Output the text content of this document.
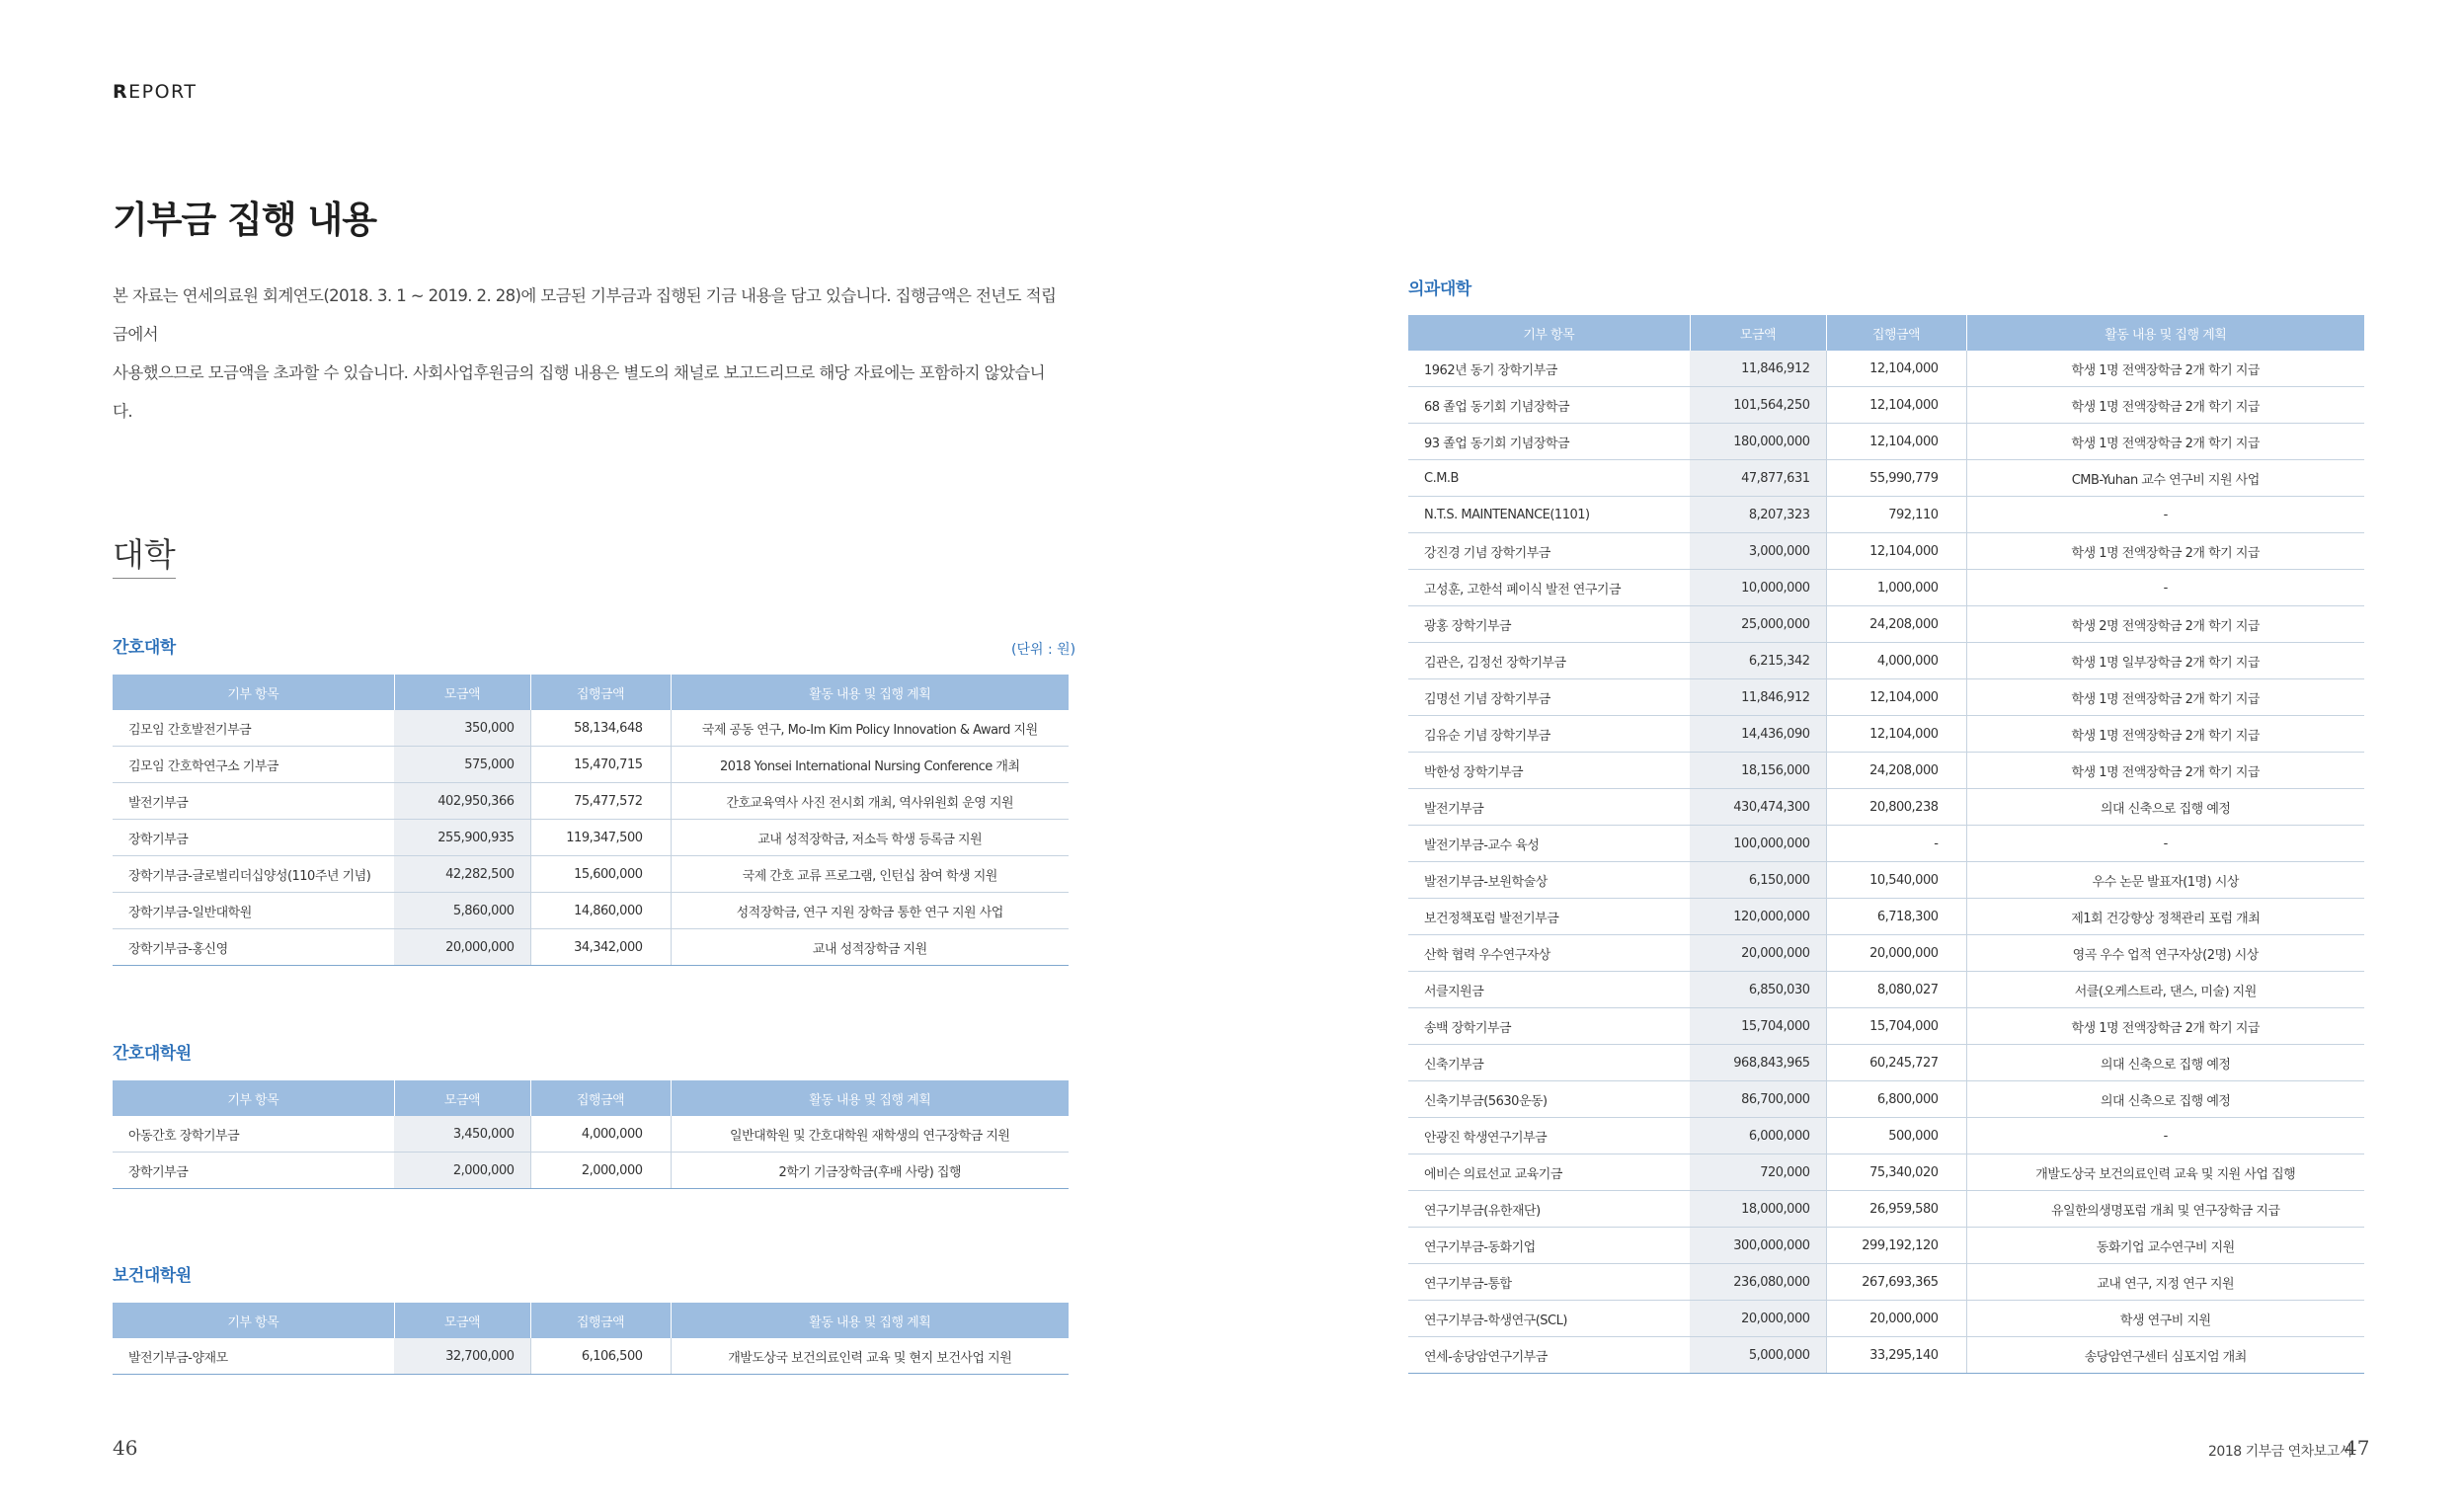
REPORT
기부금 집행 내용
본 자료는 연세의료원 회계연도(2018. 3. 1 ~ 2019. 2. 28)에 모금된 기부금과 집행된 기금 내용을 담고 있습니다. 집행금액은 전년도 적립금에서
사용했으므로 모금액을 초과할 수 있습니다. 사회사업후원금의 집행 내용은 별도의 채널로 보고드리므로 해당 자료에는 포함하지 않았습니다.
대학
간호대학	(단위 : 원)
기부 항목	모금액	집행금액	활동 내용 및 집행 계획
김모임 간호발전기부금	350,000	58,134,648	국제 공동 연구, Mo-Im Kim Policy Innovation & Award 지원
김모임 간호학연구소 기부금	575,000	15,470,715	2018 Yonsei International Nursing Conference 개최
발전기부금	402,950,366	75,477,572	간호교육역사 사진 전시회 개최, 역사위원회 운영 지원
장학기부금	255,900,935	119,347,500	교내 성적장학금, 저소득 학생 등록금 지원
장학기부금-글로벌리더십양성(110주년 기념)	42,282,500	15,600,000	국제 간호 교류 프로그램, 인턴십 참여 학생 지원
장학기부금-일반대학원	5,860,000	14,860,000	성적장학금, 연구 지원 장학금 통한 연구 지원 사업
장학기부금-홍신영	20,000,000	34,342,000	교내 성적장학금 지원
간호대학원
기부 항목	모금액	집행금액	활동 내용 및 집행 계획
아동간호 장학기부금	3,450,000	4,000,000	일반대학원 및 간호대학원 재학생의 연구장학금 지원
장학기부금	2,000,000	2,000,000	2학기 기금장학금(후배 사랑) 집행
보건대학원
기부 항목	모금액	집행금액	활동 내용 및 집행 계획
발전기부금-양재모	32,700,000	6,106,500	개발도상국 보건의료인력 교육 및 현지 보건사업 지원
의과대학
기부 항목	모금액	집행금액	활동 내용 및 집행 계획
1962년 동기 장학기부금	11,846,912	12,104,000	학생 1명 전액장학금 2개 학기 지급
68 졸업 동기회 기념장학금	101,564,250	12,104,000	학생 1명 전액장학금 2개 학기 지급
93 졸업 동기회 기념장학금	180,000,000	12,104,000	학생 1명 전액장학금 2개 학기 지급
C.M.B	47,877,631	55,990,779	CMB-Yuhan 교수 연구비 지원 사업
N.T.S. MAINTENANCE(1101)	8,207,323	792,110	-
강진경 기념 장학기부금	3,000,000	12,104,000	학생 1명 전액장학금 2개 학기 지급
고성훈, 고한석 폐이식 발전 연구기금	10,000,000	1,000,000	-
광홍 장학기부금	25,000,000	24,208,000	학생 2명 전액장학금 2개 학기 지급
김관은, 김정선 장학기부금	6,215,342	4,000,000	학생 1명 일부장학금 2개 학기 지급
김명선 기념 장학기부금	11,846,912	12,104,000	학생 1명 전액장학금 2개 학기 지급
김유순 기념 장학기부금	14,436,090	12,104,000	학생 1명 전액장학금 2개 학기 지급
박한성 장학기부금	18,156,000	24,208,000	학생 1명 전액장학금 2개 학기 지급
발전기부금	430,474,300	20,800,238	의대 신축으로 집행 예정
발전기부금-교수 육성	100,000,000	-	-
발전기부금-보원학술상	6,150,000	10,540,000	우수 논문 발표자(1명) 시상
보건정책포럼 발전기부금	120,000,000	6,718,300	제1회 건강향상 정책관리 포럼 개최
산학 협력 우수연구자상	20,000,000	20,000,000	영곡 우수 업적 연구자상(2명) 시상
서클지원금	6,850,030	8,080,027	서클(오케스트라, 댄스, 미술) 지원
송백 장학기부금	15,704,000	15,704,000	학생 1명 전액장학금 2개 학기 지급
신축기부금	968,843,965	60,245,727	의대 신축으로 집행 예정
신축기부금(5630운동)	86,700,000	6,800,000	의대 신축으로 집행 예정
안광진 학생연구기부금	6,000,000	500,000	-
에비슨 의료선교 교육기금	720,000	75,340,020	개발도상국 보건의료인력 교육 및 지원 사업 집행
연구기부금(유한재단)	18,000,000	26,959,580	유일한의생명포럼 개최 및 연구장학금 지급
연구기부금-동화기업	300,000,000	299,192,120	동화기업 교수연구비 지원
연구기부금-통합	236,080,000	267,693,365	교내 연구, 지정 연구 지원
연구기부금-학생연구(SCL)	20,000,000	20,000,000	학생 연구비 지원
연세-송당암연구기부금	5,000,000	33,295,140	송당암연구센터 심포지엄 개최
46	2018 기부금 연차보고서
47
